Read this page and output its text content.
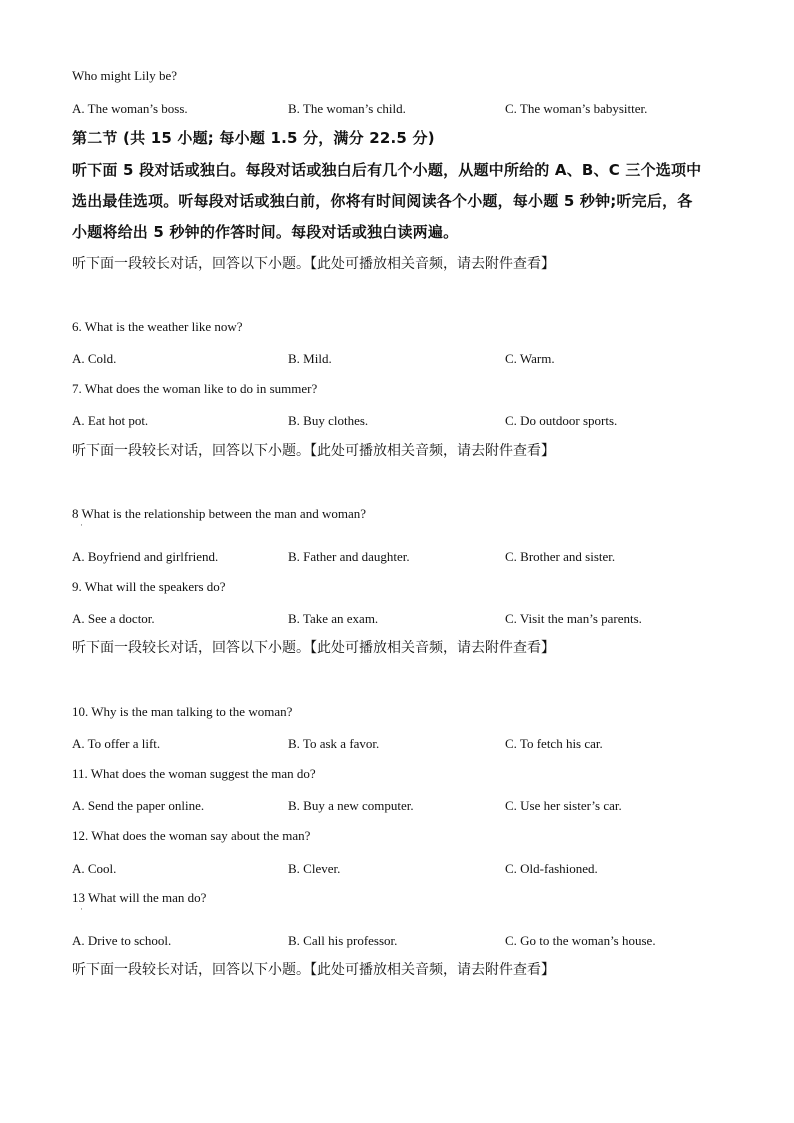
Who might Lily be?
A. The woman’s boss.	B. The woman’s child.	C. The woman’s babysitter.
第二节 (共 15 小题; 每小题 1.5 分，满分 22.5 分)
听下面 5 段对话或独白。每段对话或独白后有几个小题，从题中所给的 A、B、C 三个选项中
选出最佳选项。听每段对话或独白前，你将有时间阅读各个小题，每小题 5 秒钟;听完后，各
小题将给出 5 秒钟的作答时间。每段对话或独白读两遍。
听下面一段较长对话，回答以下小题。【此处可播放相关音频，请去附件查看】
6. What is the weather like now?
A. Cold.	B. Mild.	C. Warm.
7. What does the woman like to do in summer?
A. Eat hot pot.	B. Buy clothes.	C. Do outdoor sports.
听下面一段较长对话，回答以下小题。【此处可播放相关音频，请去附件查看】
8 What is the relationship between the man and woman?
·
A. Boyfriend and girlfriend.	B. Father and daughter.	C. Brother and sister.
9. What will the speakers do?
A. See a doctor.	B. Take an exam.	C. Visit the man’s parents.
听下面一段较长对话，回答以下小题。【此处可播放相关音频，请去附件查看】
10. Why is the man talking to the woman?
A. To offer a lift.	B. To ask a favor.	C. To fetch his car.
11. What does the woman suggest the man do?
A. Send the paper online.	B. Buy a new computer.	C. Use her sister’s car.
12. What does the woman say about the man?
A. Cool.	B. Clever.	C. Old-fashioned.
13 What will the man do?
·
A. Drive to school.	B. Call his professor.	C. Go to the woman’s house.
听下面一段较长对话，回答以下小题。【此处可播放相关音频，请去附件查看】
